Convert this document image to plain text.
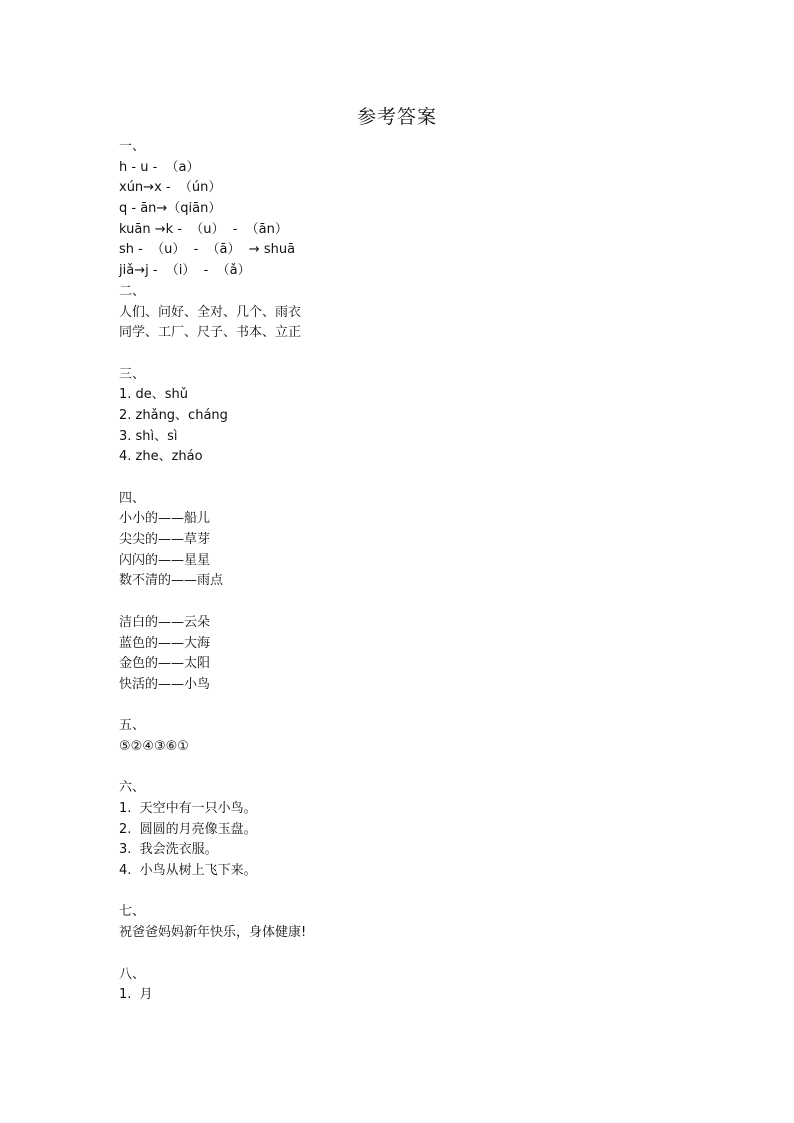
参考答案
一、
h - u -  （a）
xún→x -  （ún）
q - ān→（qiān）
kuān →k -  （u）  -  （ān）
sh -  （u）  -  （ā）  → shuā
jiǎ→j -  （i）  -  （ǎ）
二、
人们、问好、全对、几个、雨衣
同学、工厂、尺子、书本、立正
三、
1. de、shǔ
2. zhǎng、cháng
3. shì、sì
4. zhe、zháo
四、
小小的——船儿
尖尖的——草芽
闪闪的——星星
数不清的——雨点
洁白的——云朵
蓝色的——大海
金色的——太阳
快活的——小鸟
五、
⑤②④③⑥①
六、
1.  天空中有一只小鸟。
2.  圆圆的月亮像玉盘。
3.  我会洗衣服。
4.  小鸟从树上飞下来。
七、
祝爸爸妈妈新年快乐，身体健康!
八、
1.  月
